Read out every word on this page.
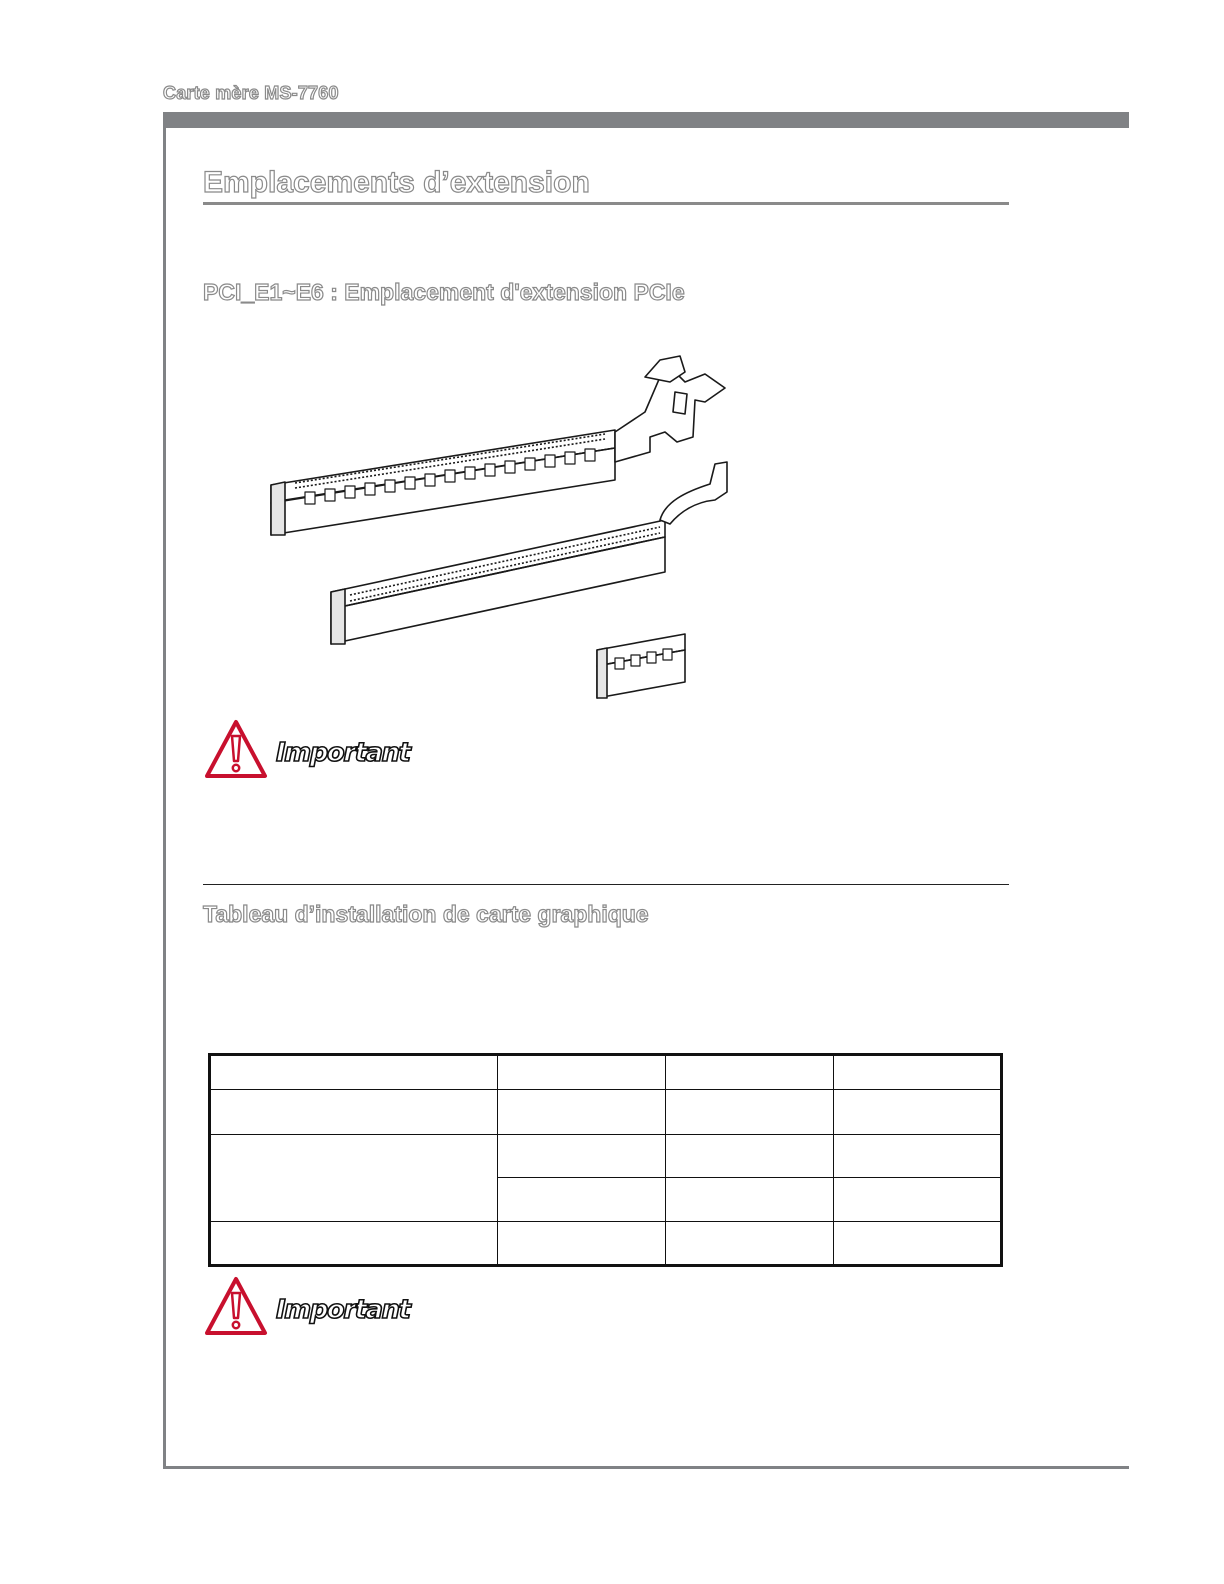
Carte mère MS-7760
Emplacements d’extension
PCI_E1~E6 : Emplacement d'extension PCIe
Important
Tableau d’installation de carte graphique

Important
